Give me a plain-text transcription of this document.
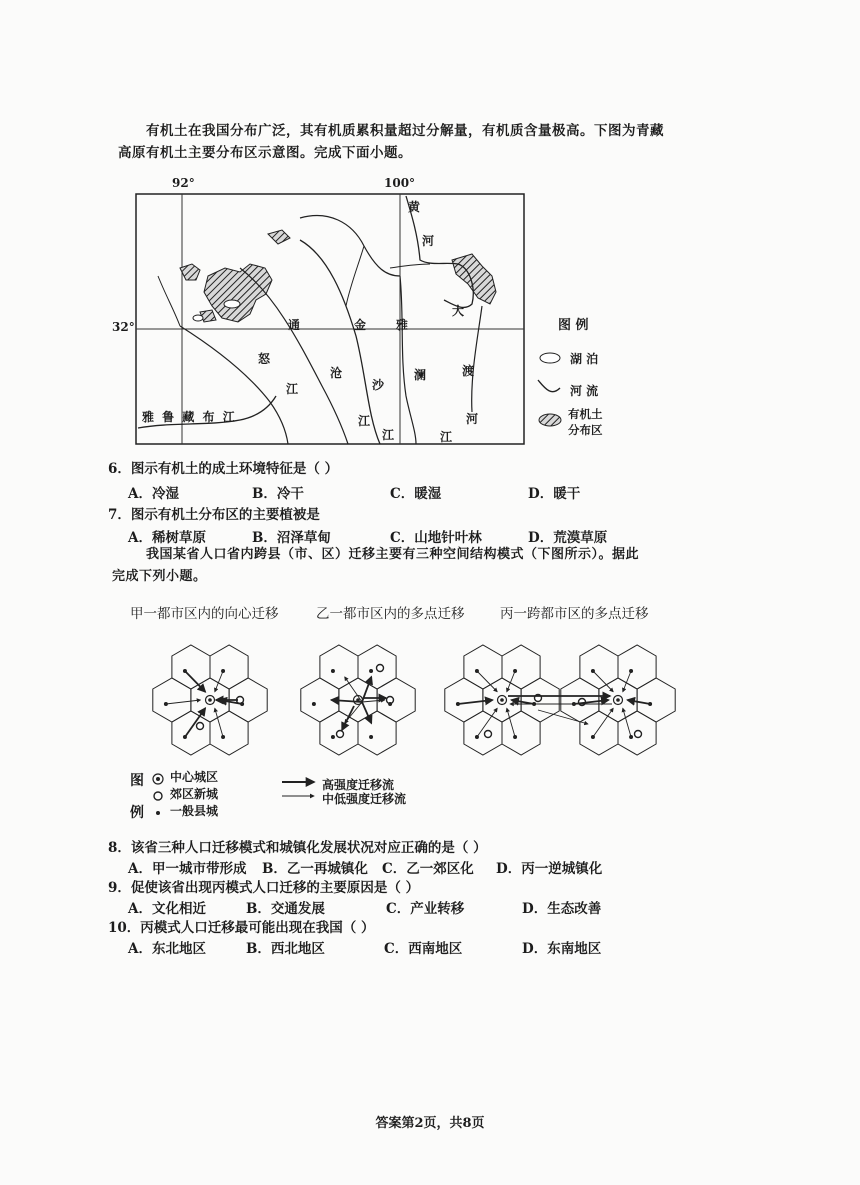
有机土在我国分布广泛，其有机质累积量超过分解量，有机质含量极高。下图为青藏
高原有机土主要分布区示意图。完成下面小题。
92°	100°
32°
黄
河
大
通	金 雅
怒
沧
沙
澜	渡
江
江
江	江
河
雅 鲁 藏 布 江
图 例
湖 泊
河 流
有机土
分布区
6．图示有机土的成土环境特征是（ ）
A．冷湿	B．冷干	C．暖湿	D．暖干
7．图示有机土分布区的主要植被是
A．稀树草原	B．沼泽草甸	C．山地针叶林	D．荒漠草原
我国某省人口省内跨县（市、区）迁移主要有三种空间结构模式（下图所示）。据此
完成下列小题。
甲一都市区内的向心迁移	乙一都市区内的多点迁移	丙一跨都市区的多点迁移
图
例
中心城区
郊区新城
一般县城
高强度迁移流
中低强度迁移流
8．该省三种人口迁移模式和城镇化发展状况对应正确的是（ ）
A．甲一城市带形成 B．乙一再城镇化 C．乙一郊区化 D．丙一逆城镇化
9．促使该省出现丙模式人口迁移的主要原因是（ ）
A．文化相近	B．交通发展	C．产业转移	D．生态改善
10．丙模式人口迁移最可能出现在我国（ ）
A．东北地区	B．西北地区	C．西南地区	D．东南地区
答案第2页，共8页
